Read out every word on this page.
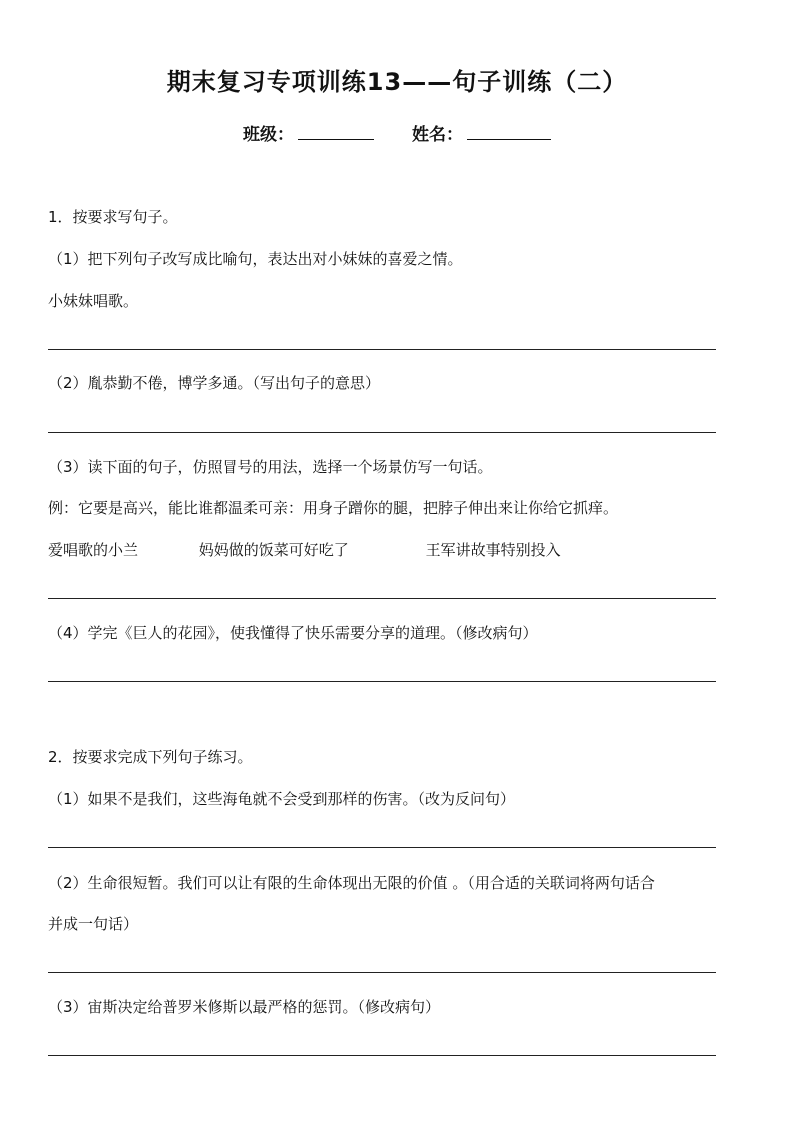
期末复习专项训练13——句子训练（二）
班级：	姓名：
1．按要求写句子。
（1）把下列句子改写成比喻句，表达出对小妹妹的喜爱之情。
小妹妹唱歌。
（2）胤恭勤不倦，博学多通。（写出句子的意思）
（3）读下面的句子，仿照冒号的用法，选择一个场景仿写一句话。
例：它要是高兴，能比谁都温柔可亲：用身子蹭你的腿，把脖子伸出来让你给它抓痒。
爱唱歌的小兰	妈妈做的饭菜可好吃了	王军讲故事特别投入
（4）学完《巨人的花园》，使我懂得了快乐需要分享的道理。（修改病句）
2．按要求完成下列句子练习。
（1）如果不是我们，这些海龟就不会受到那样的伤害。（改为反问句）
（2）生命很短暂。我们可以让有限的生命体现出无限的价值 。（用合适的关联词将两句话合
并成一句话）
（3）宙斯决定给普罗米修斯以最严格的惩罚。（修改病句）
